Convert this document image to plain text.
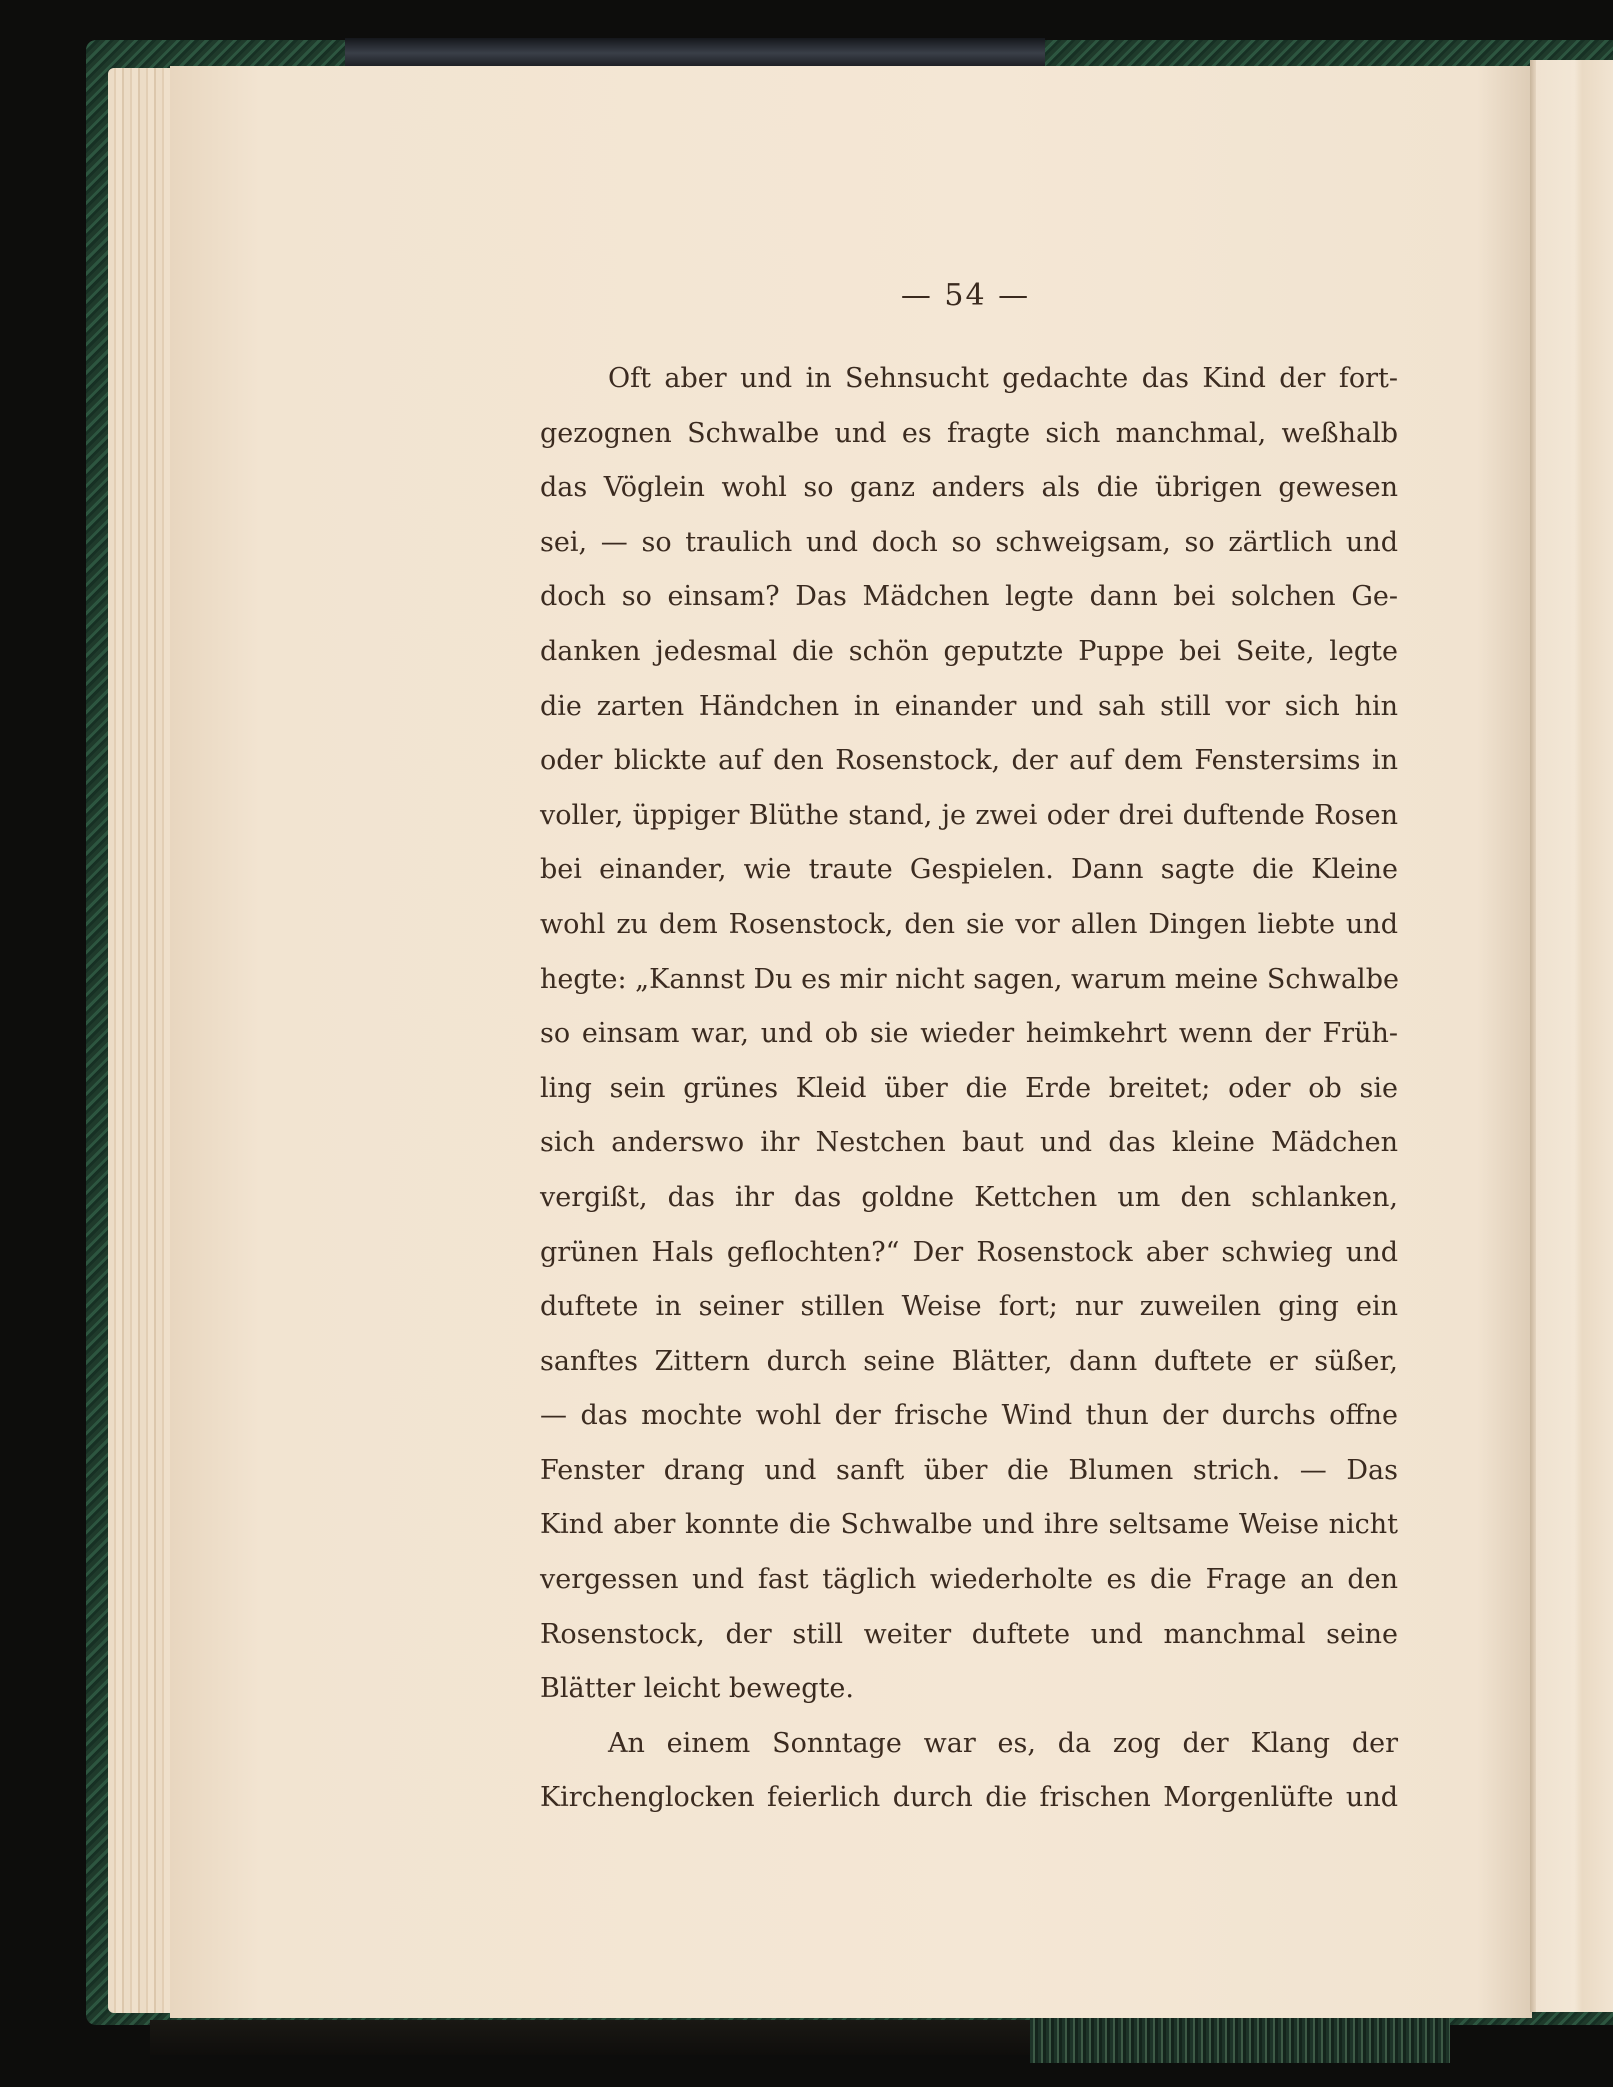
— 54 —
Oft aber und in Sehnsucht gedachte das Kind der fort-
gezognen Schwalbe und es fragte sich manchmal, weßhalb
das Vöglein wohl so ganz anders als die übrigen gewesen
sei, — so traulich und doch so schweigsam, so zärtlich und
doch so einsam? Das Mädchen legte dann bei solchen Ge-
danken jedesmal die schön geputzte Puppe bei Seite, legte
die zarten Händchen in einander und sah still vor sich hin
oder blickte auf den Rosenstock, der auf dem Fenstersims in
voller, üppiger Blüthe stand, je zwei oder drei duftende Rosen
bei einander, wie traute Gespielen. Dann sagte die Kleine
wohl zu dem Rosenstock, den sie vor allen Dingen liebte und
hegte: „Kannst Du es mir nicht sagen, warum meine Schwalbe
so einsam war, und ob sie wieder heimkehrt wenn der Früh-
ling sein grünes Kleid über die Erde breitet; oder ob sie
sich anderswo ihr Nestchen baut und das kleine Mädchen
vergißt, das ihr das goldne Kettchen um den schlanken,
grünen Hals geflochten?“ Der Rosenstock aber schwieg und
duftete in seiner stillen Weise fort; nur zuweilen ging ein
sanftes Zittern durch seine Blätter, dann duftete er süßer,
— das mochte wohl der frische Wind thun der durchs offne
Fenster drang und sanft über die Blumen strich. — Das
Kind aber konnte die Schwalbe und ihre seltsame Weise nicht
vergessen und fast täglich wiederholte es die Frage an den
Rosenstock, der still weiter duftete und manchmal seine
Blätter leicht bewegte.
An einem Sonntage war es, da zog der Klang der
Kirchenglocken feierlich durch die frischen Morgenlüfte und
